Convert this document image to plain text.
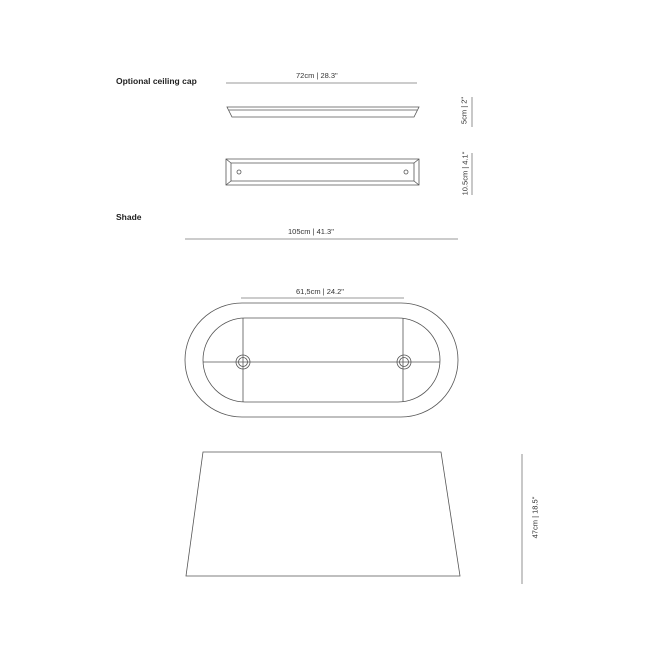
Optional ceiling cap
Shade
72cm | 28.3"
105cm | 41.3"
61,5cm | 24.2"
5cm | 2"
10.5cm | 4.1"
47cm | 18.5"
